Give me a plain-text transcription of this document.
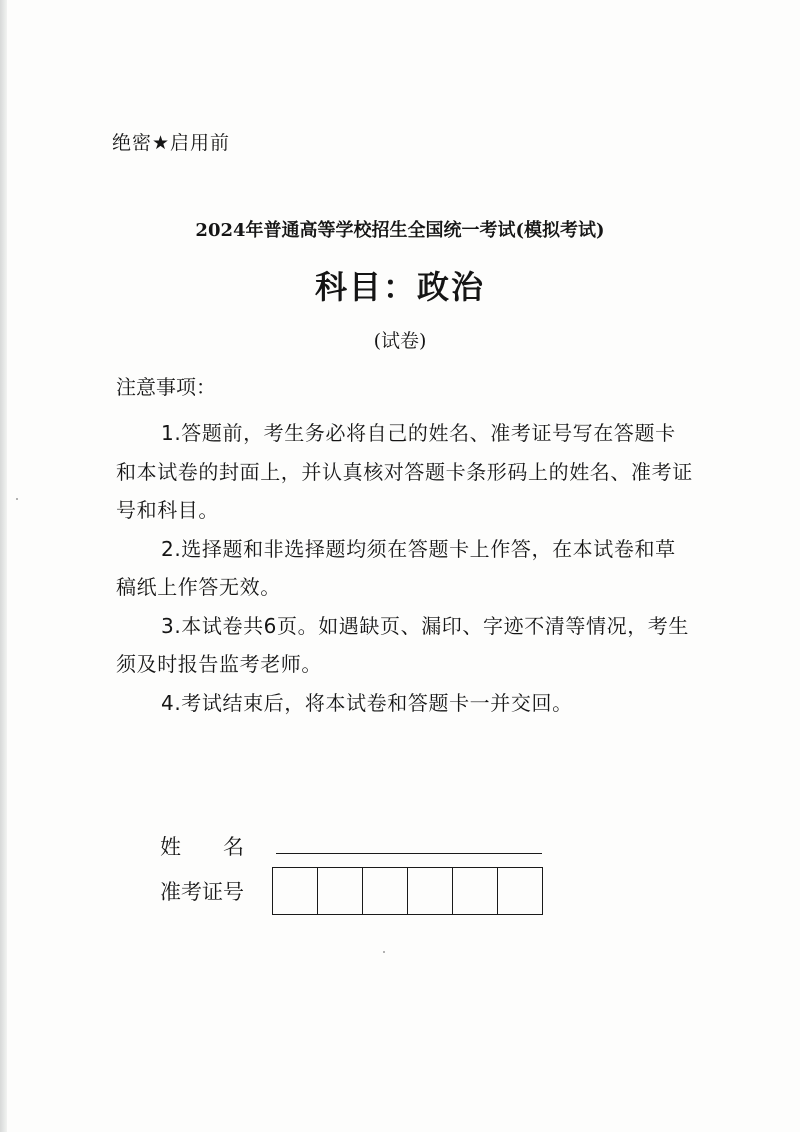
绝密★启用前
2024年普通高等学校招生全国统一考试(模拟考试)
科目：政治
(试卷)
注意事项：

1.答题前，考生务必将自己的姓名、准考证号写在答题卡和本试卷的封面上，并认真核对答题卡条形码上的姓名、准考证号和科目。

2.选择题和非选择题均须在答题卡上作答，在本试卷和草稿纸上作答无效。

3.本试卷共6页。如遇缺页、漏印、字迹不清等情况，考生须及时报告监考老师。

4.考试结束后，将本试卷和答题卡一并交回。

姓　　名
准考证号
